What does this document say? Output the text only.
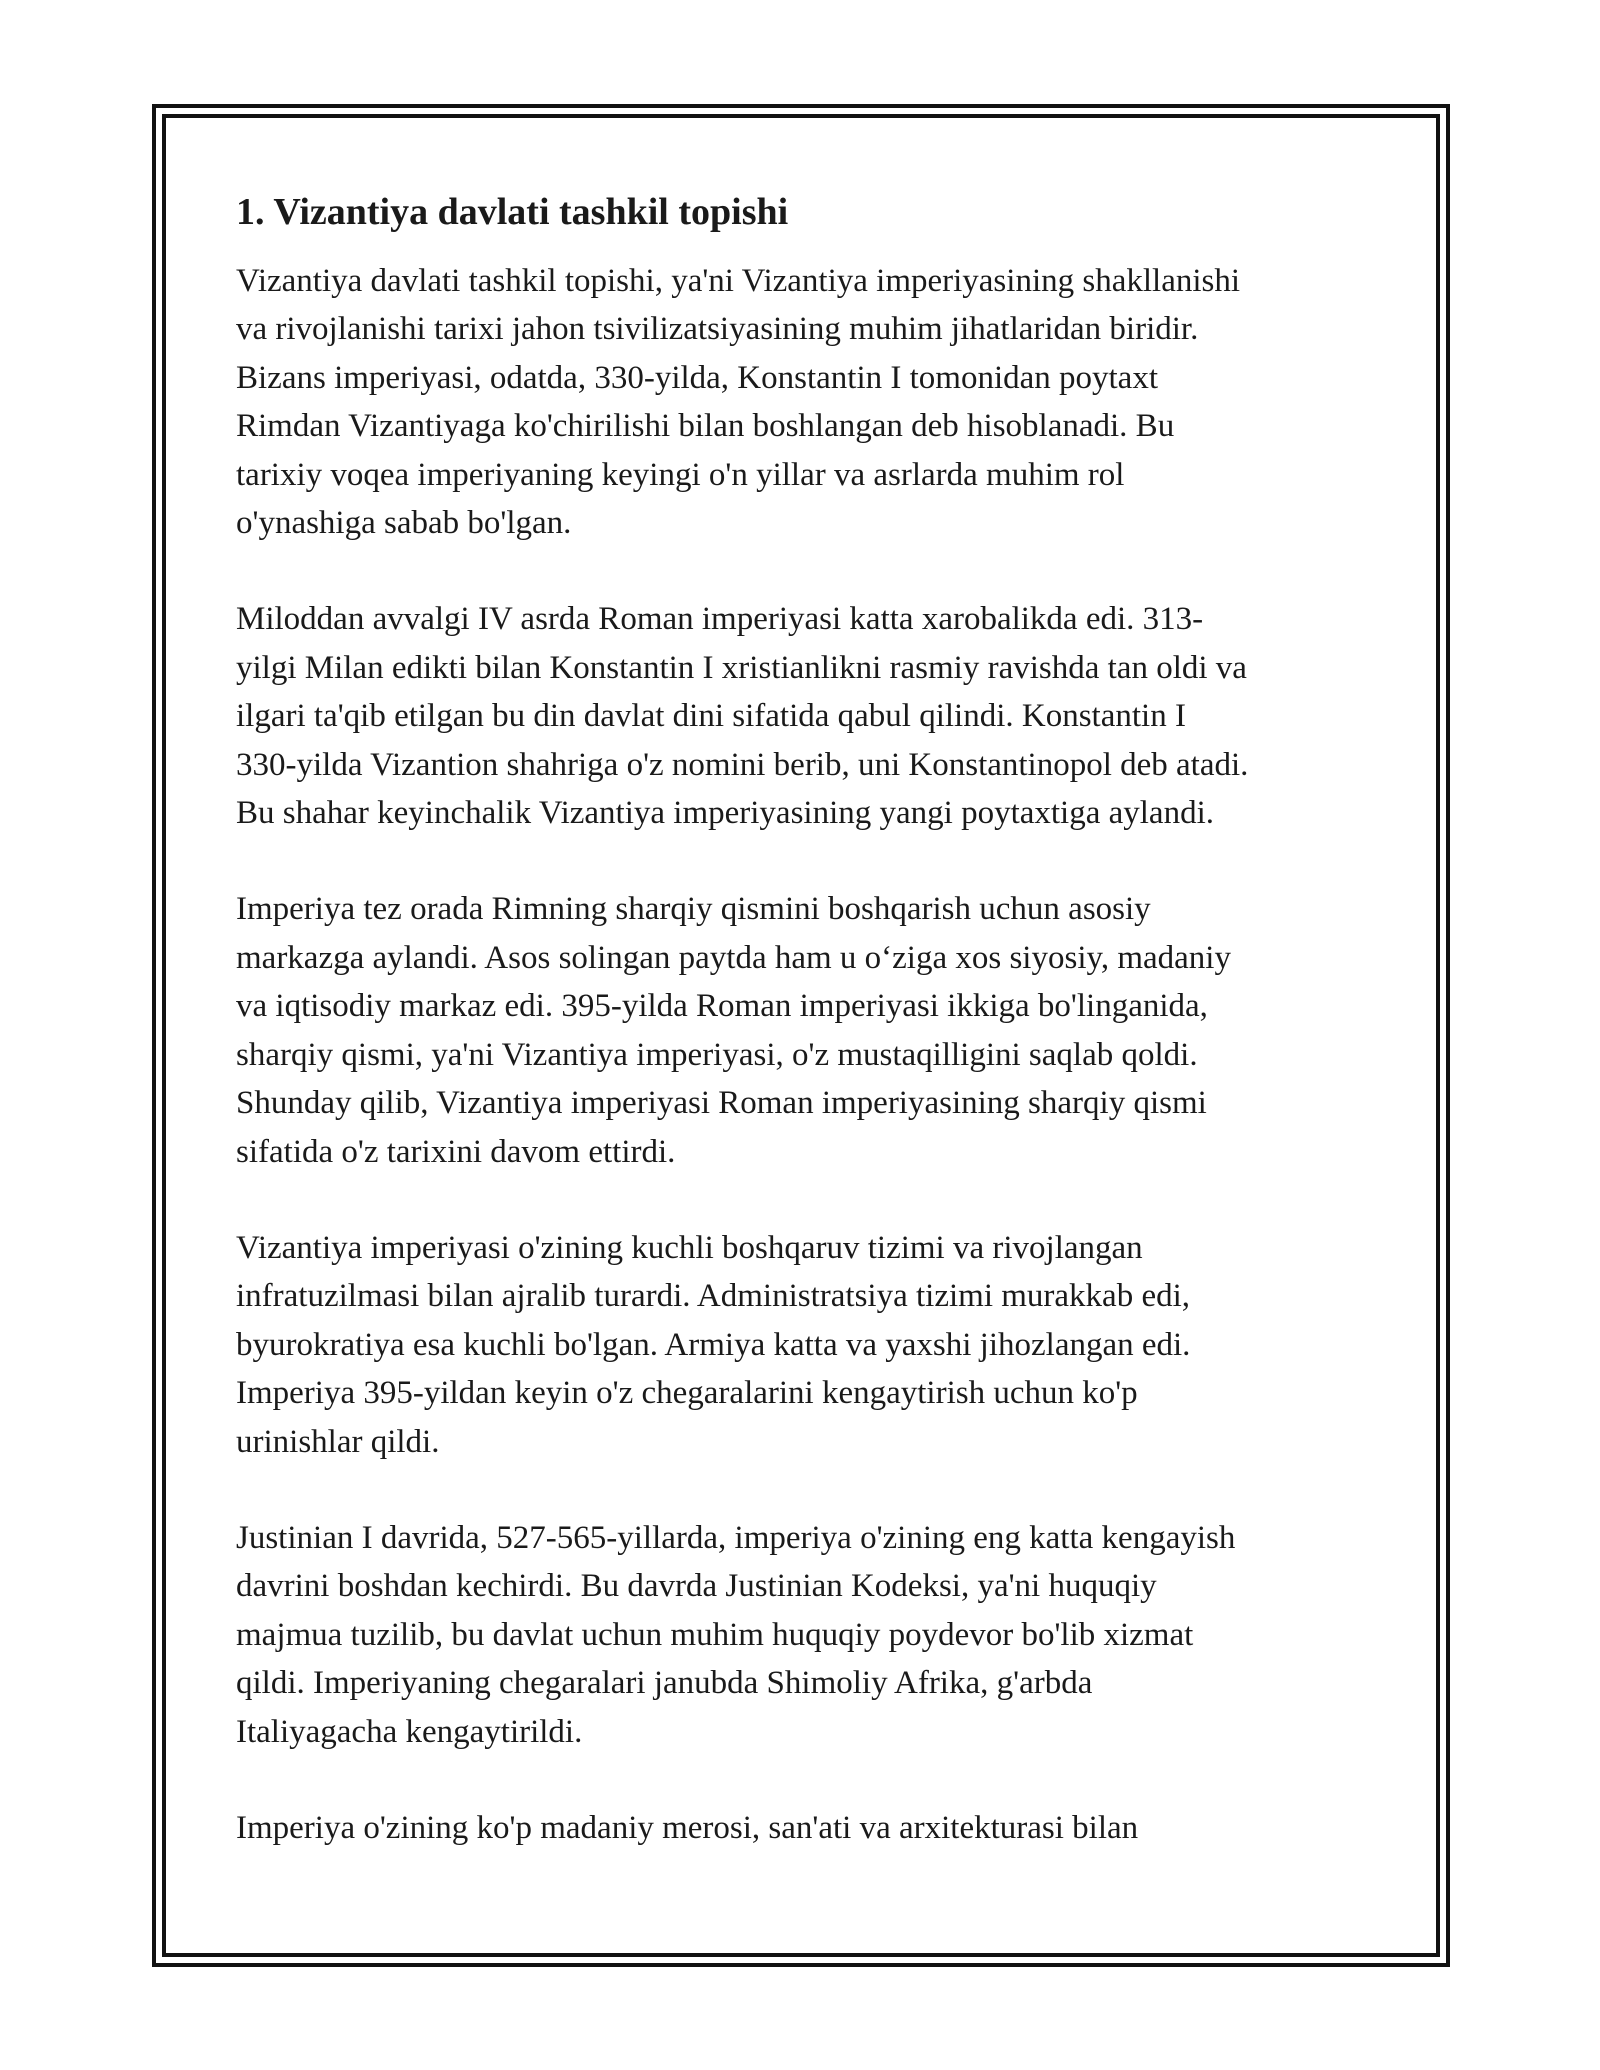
1. Vizantiya davlati tashkil topishi
Vizantiya davlati tashkil topishi, ya'ni Vizantiya imperiyasining shakllanishi
va rivojlanishi tarixi jahon tsivilizatsiyasining muhim jihatlaridan biridir.
Bizans imperiyasi, odatda, 330-yilda, Konstantin I tomonidan poytaxt
Rimdan Vizantiyaga ko'chirilishi bilan boshlangan deb hisoblanadi. Bu
tarixiy voqea imperiyaning keyingi o'n yillar va asrlarda muhim rol
o'ynashiga sabab bo'lgan.
Miloddan avvalgi IV asrda Roman imperiyasi katta xarobalikda edi. 313-
yilgi Milan edikti bilan Konstantin I xristianlikni rasmiy ravishda tan oldi va
ilgari ta'qib etilgan bu din davlat dini sifatida qabul qilindi. Konstantin I
330-yilda Vizantion shahriga o'z nomini berib, uni Konstantinopol deb atadi.
Bu shahar keyinchalik Vizantiya imperiyasining yangi poytaxtiga aylandi.
Imperiya tez orada Rimning sharqiy qismini boshqarish uchun asosiy
markazga aylandi. Asos solingan paytda ham u o‘ziga xos siyosiy, madaniy
va iqtisodiy markaz edi. 395-yilda Roman imperiyasi ikkiga bo'linganida,
sharqiy qismi, ya'ni Vizantiya imperiyasi, o'z mustaqilligini saqlab qoldi.
Shunday qilib, Vizantiya imperiyasi Roman imperiyasining sharqiy qismi
sifatida o'z tarixini davom ettirdi.
Vizantiya imperiyasi o'zining kuchli boshqaruv tizimi va rivojlangan
infratuzilmasi bilan ajralib turardi. Administratsiya tizimi murakkab edi,
byurokratiya esa kuchli bo'lgan. Armiya katta va yaxshi jihozlangan edi.
Imperiya 395-yildan keyin o'z chegaralarini kengaytirish uchun ko'p
urinishlar qildi.
Justinian I davrida, 527-565-yillarda, imperiya o'zining eng katta kengayish
davrini boshdan kechirdi. Bu davrda Justinian Kodeksi, ya'ni huquqiy
majmua tuzilib, bu davlat uchun muhim huquqiy poydevor bo'lib xizmat
qildi. Imperiyaning chegaralari janubda Shimoliy Afrika, g'arbda
Italiyagacha kengaytirildi.
Imperiya o'zining ko'p madaniy merosi, san'ati va arxitekturasi bilan
